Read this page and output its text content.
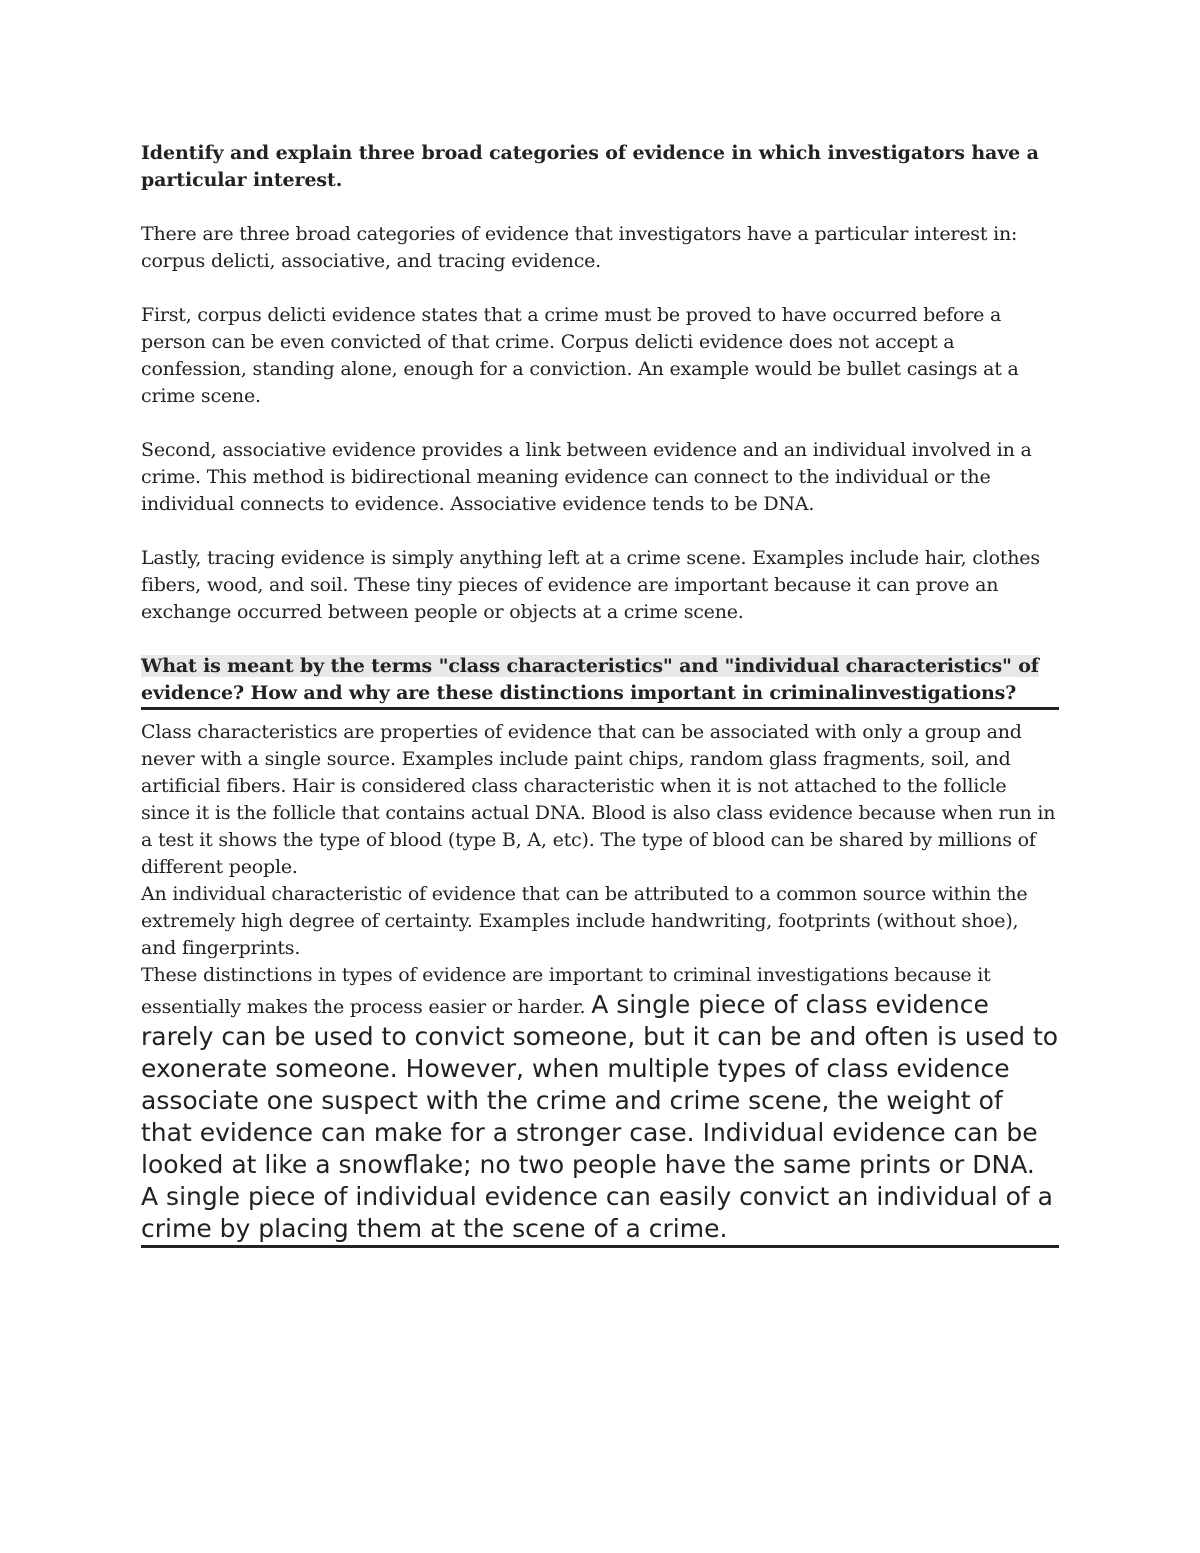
Identify and explain three broad categories of evidence in which investigators have a particular interest.

There are three broad categories of evidence that investigators have a particular interest in: corpus delicti, associative, and tracing evidence.

First, corpus delicti evidence states that a crime must be proved to have occurred before a person can be even convicted of that crime. Corpus delicti evidence does not accept a confession, standing alone, enough for a conviction. An example would be bullet casings at a crime scene.

Second, associative evidence provides a link between evidence and an individual involved in a crime. This method is bidirectional meaning evidence can connect to the individual or the individual connects to evidence. Associative evidence tends to be DNA.

Lastly, tracing evidence is simply anything left at a crime scene. Examples include hair, clothes fibers, wood, and soil. These tiny pieces of evidence are important because it can prove an exchange occurred between people or objects at a crime scene.

What is meant by the terms "class characteristics" and "individual characteristics" of

evidence? How and why are these distinctions important in criminalinvestigations?

Class characteristics are properties of evidence that can be associated with only a group and never with a single source. Examples include paint chips, random glass fragments, soil, and artificial fibers. Hair is considered class characteristic when it is not attached to the follicle since it is the follicle that contains actual DNA. Blood is also class evidence because when run in a test it shows the type of blood (type B, A, etc). The type of blood can be shared by millions of different people.

An individual characteristic of evidence that can be attributed to a common source within the extremely high degree of certainty. Examples include handwriting, footprints (without shoe), and fingerprints.

These distinctions in types of evidence are important to criminal investigations because it essentially makes the process easier or harder. A single piece of class evidence rarely can be used to convict someone, but it can be and often is used to exonerate someone. However, when multiple types of class evidence associate one suspect with the crime and crime scene, the weight of that evidence can make for a stronger case. Individual evidence can be looked at like a snowflake; no two people have the same prints or DNA. A single piece of individual evidence can easily convict an individual of a crime by placing them at the scene of a crime.
